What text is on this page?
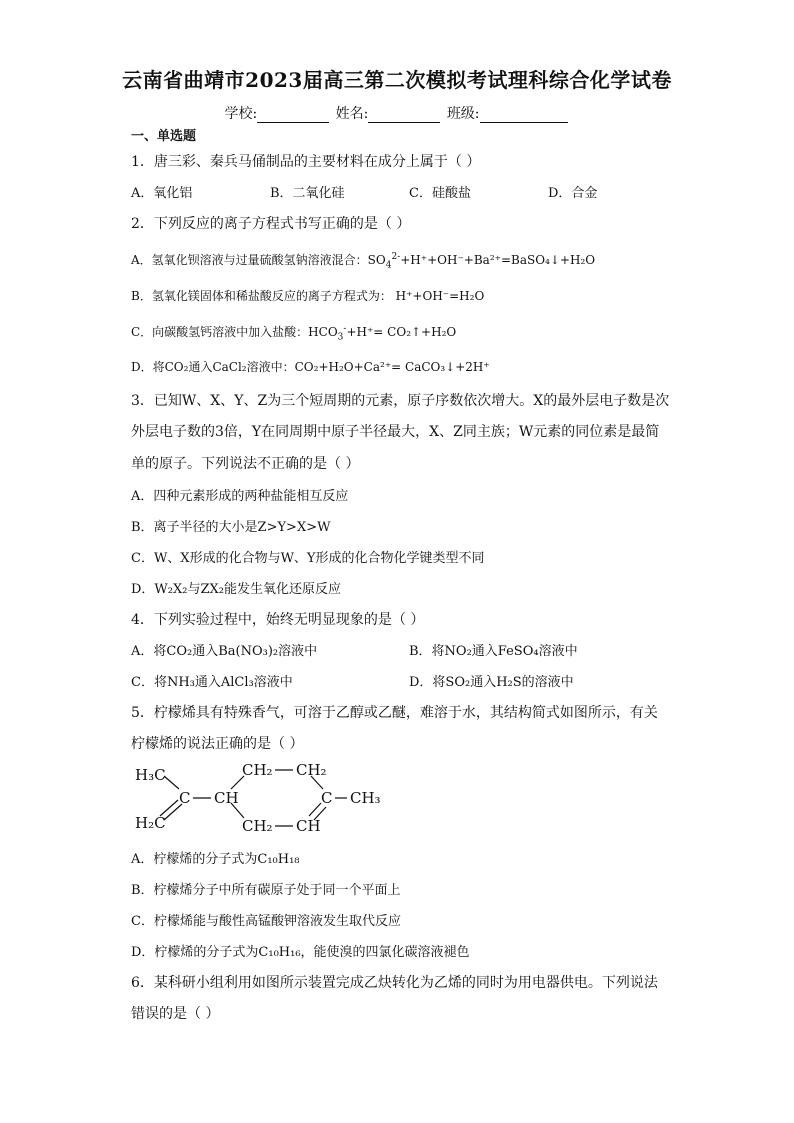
云南省曲靖市2023届高三第二次模拟考试理科综合化学试卷
学校:	姓名:	班级:
一、单选题
1．唐三彩、秦兵马俑制品的主要材料在成分上属于（ ）
A．氧化铝	B．二氧化硅	C．硅酸盐	D．合金
2．下列反应的离子方程式书写正确的是（ ）
A．氢氧化钡溶液与过量硫酸氢钠溶液混合：$SO_4^{2-}+H^++OH^-+Ba^{2+}=BaSO_4↓+H_2O$
B．氢氧化镁固体和稀盐酸反应的离子方程式为： H⁺+OH⁻=H₂O
C．向碳酸氢钙溶液中加入盐酸：$HCO_3^-+H^+=$ CO₂↑+H₂O
D．将CO₂通入CaCl₂溶液中：CO₂+H₂O+Ca²⁺= CaCO₃↓+2H⁺
3．已知W、X、Y、Z为三个短周期的元素，原子序数依次增大。X的最外层电子数是次
外层电子数的3倍，Y在同周期中原子半径最大，X、Z同主族；W元素的同位素是最简
单的原子。下列说法不正确的是（ ）
A．四种元素形成的两种盐能相互反应
B．离子半径的大小是Z>Y>X>W
C．W、X形成的化合物与W、Y形成的化合物化学键类型不同
D．W₂X₂与ZX₂能发生氧化还原反应
4．下列实验过程中，始终无明显现象的是（ ）
A．将CO₂通入Ba(NO₃)₂溶液中	B．将NO₂通入FeSO₄溶液中
C．将NH₃通入AlCl₃溶液中	D．将SO₂通入H₂S的溶液中
5．柠檬烯具有特殊香气，可溶于乙醇或乙醚，难溶于水，其结构简式如图所示，有关
柠檬烯的说法正确的是（ ）
H₃C
C CH
CH₂ CH₂
C CH₃
H₂C	CH₂ CH
A．柠檬烯的分子式为C₁₀H₁₈
B．柠檬烯分子中所有碳原子处于同一个平面上
C．柠檬烯能与酸性高锰酸钾溶液发生取代反应
D．柠檬烯的分子式为C₁₀H₁₆，能使溴的四氯化碳溶液褪色
6．某科研小组利用如图所示装置完成乙炔转化为乙烯的同时为用电器供电。下列说法
错误的是（ ）
